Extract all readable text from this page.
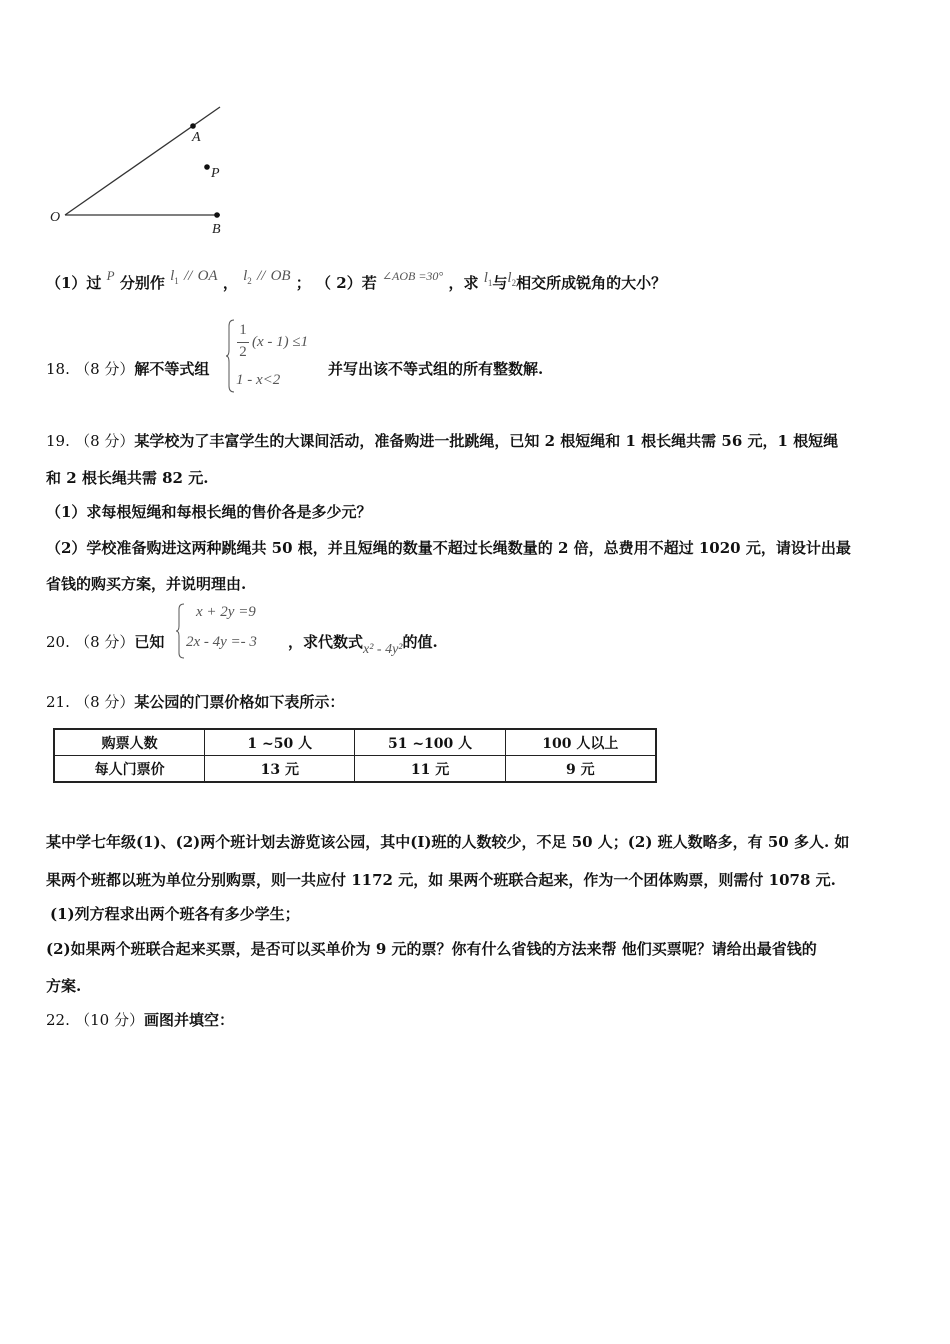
A
P
O
B
（1）过 P 分别作 $l_1$ // OA ， $l_2$ // OB ； （ 2）若 $^{\angle AOB =30^\circ}$ ，求 $l_1$与$l_2$相交所成锐角的大小？
18. （8 分）解不等式组
1
2
(x - 1) ≤1
1 - x<2
并写出该不等式组的所有整数解.
19. （8 分）某学校为了丰富学生的大课间活动，准备购进一批跳绳，已知 2 根短绳和 1 根长绳共需 56 元，1 根短绳
和 2 根长绳共需 82 元.
（1）求每根短绳和每根长绳的售价各是多少元？
（2）学校准备购进这两种跳绳共 50 根，并且短绳的数量不超过长绳数量的 2 倍，总费用不超过 1020 元，请设计出最
省钱的购买方案，并说明理由.
20. （8 分）已知
x + 2y =9
2x - 4y =- 3 ，求代数式x² - 4y²的值.
21. （8 分）某公园的门票价格如下表所示：
购票人数	1 ~50 人	51 ~100 人	100 人以上
每人门票价	13 元	11 元	9 元
某中学七年级(1)、(2)两个班计划去游览该公园，其中(I)班的人数较少，不足 50 人；(2) 班人数略多，有 50 多人. 如
果两个班都以班为单位分别购票，则一共应付 1172 元，如 果两个班联合起来，作为一个团体购票，则需付 1078 元.
(1)列方程求出两个班各有多少学生；
(2)如果两个班联合起来买票，是否可以买单价为 9 元的票？你有什么省钱的方法来帮 他们买票呢？请给出最省钱的
方案.
22. （10 分）画图并填空：
